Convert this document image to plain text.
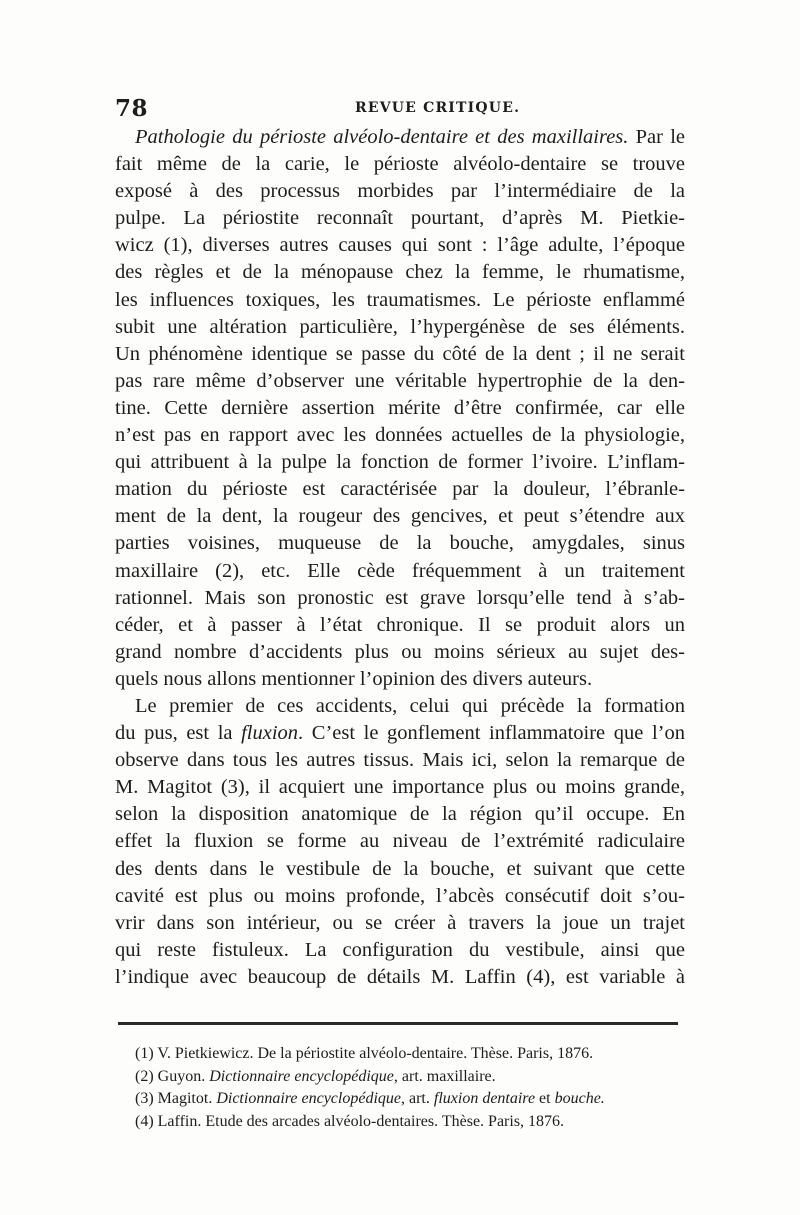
78	REVUE CRITIQUE.
Pathologie du périoste alvéolo-dentaire et des maxillaires. Par le
fait même de la carie, le périoste alvéolo-dentaire se trouve
exposé à des processus morbides par l’intermédiaire de la
pulpe. La périostite reconnaît pourtant, d’après M. Pietkie-
wicz (1), diverses autres causes qui sont : l’âge adulte, l’époque
des règles et de la ménopause chez la femme, le rhumatisme,
les influences toxiques, les traumatismes. Le périoste enflammé
subit une altération particulière, l’hypergénèse de ses éléments.
Un phénomène identique se passe du côté de la dent ; il ne serait
pas rare même d’observer une véritable hypertrophie de la den-
tine. Cette dernière assertion mérite d’être confirmée, car elle
n’est pas en rapport avec les données actuelles de la physiologie,
qui attribuent à la pulpe la fonction de former l’ivoire. L’inflam-
mation du périoste est caractérisée par la douleur, l’ébranle-
ment de la dent, la rougeur des gencives, et peut s’étendre aux
parties voisines, muqueuse de la bouche, amygdales, sinus
maxillaire (2), etc. Elle cède fréquemment à un traitement
rationnel. Mais son pronostic est grave lorsqu’elle tend à s’ab-
céder, et à passer à l’état chronique. Il se produit alors un
grand nombre d’accidents plus ou moins sérieux au sujet des-
quels nous allons mentionner l’opinion des divers auteurs.
Le premier de ces accidents, celui qui précède la formation
du pus, est la fluxion. C’est le gonflement inflammatoire que l’on
observe dans tous les autres tissus. Mais ici, selon la remarque de
M. Magitot (3), il acquiert une importance plus ou moins grande,
selon la disposition anatomique de la région qu’il occupe. En
effet la fluxion se forme au niveau de l’extrémité radiculaire
des dents dans le vestibule de la bouche, et suivant que cette
cavité est plus ou moins profonde, l’abcès consécutif doit s’ou-
vrir dans son intérieur, ou se créer à travers la joue un trajet
qui reste fistuleux. La configuration du vestibule, ainsi que
l’indique avec beaucoup de détails M. Laffin (4), est variable à
(1) V. Pietkiewicz. De la périostite alvéolo-dentaire. Thèse. Paris, 1876.
(2) Guyon. Dictionnaire encyclopédique, art. maxillaire.
(3) Magitot. Dictionnaire encyclopédique, art. fluxion dentaire et bouche.
(4) Laffin. Etude des arcades alvéolo-dentaires. Thèse. Paris, 1876.
